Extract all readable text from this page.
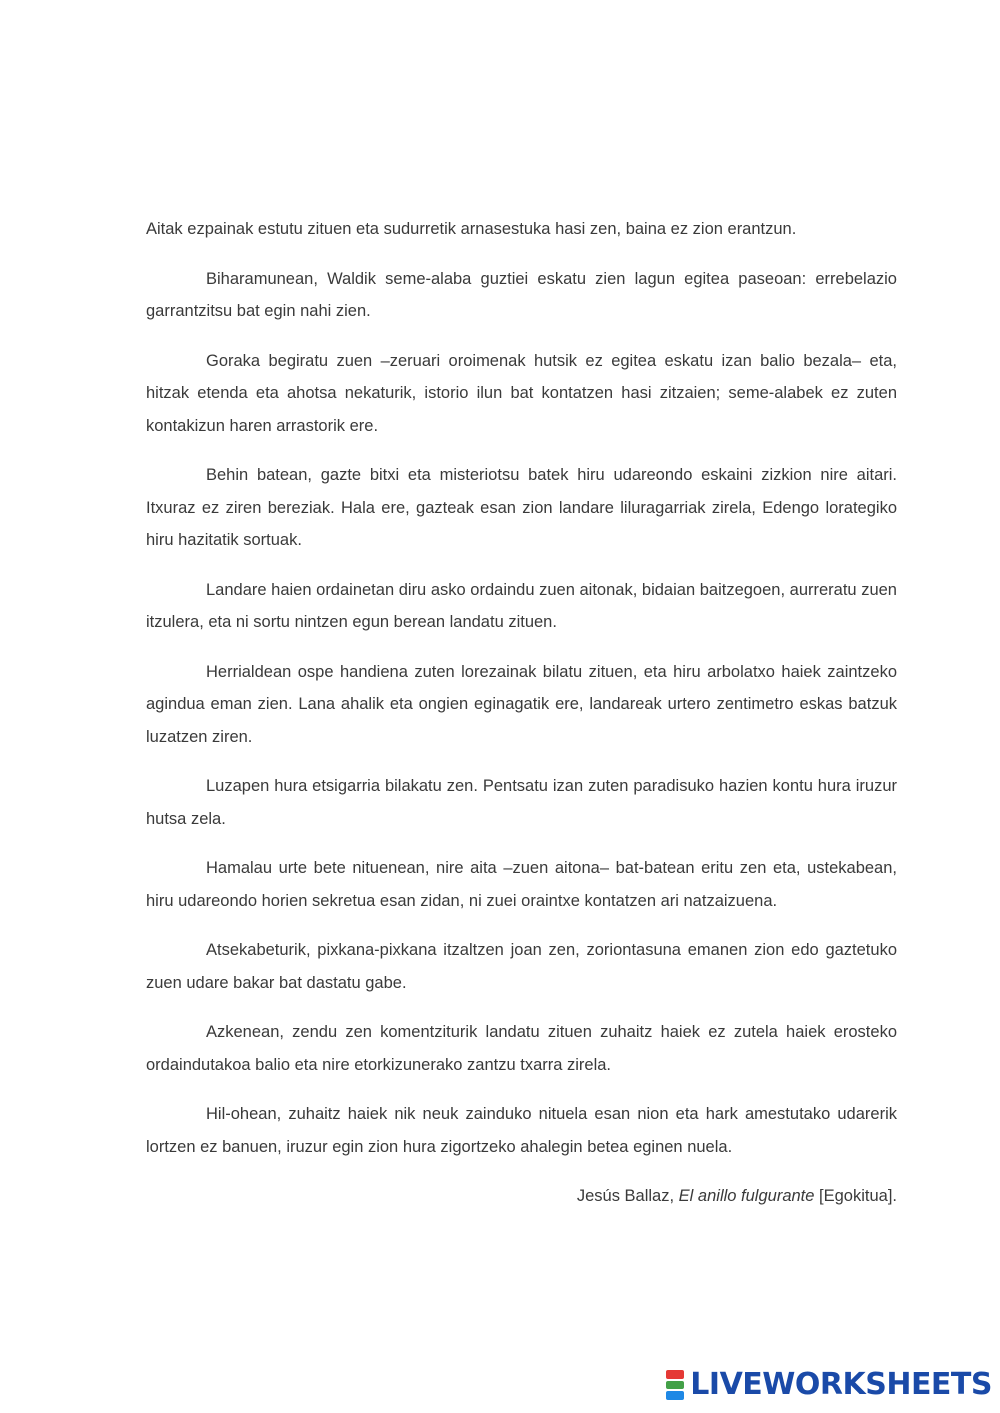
Aitak ezpainak estutu zituen eta sudurretik arnasestuka hasi zen, baina ez zion erantzun.

Biharamunean, Waldik seme-alaba guztiei eskatu zien lagun egitea paseoan: errebelazio garrantzitsu bat egin nahi zien.

Goraka begiratu zuen –zeruari oroimenak hutsik ez egitea eskatu izan balio bezala– eta, hitzak etenda eta ahotsa nekaturik, istorio ilun bat kontatzen hasi zitzaien; seme-alabek ez zuten kontakizun haren arrastorik ere.

Behin batean, gazte bitxi eta misteriotsu batek hiru udareondo eskaini zizkion nire aitari. Itxuraz ez ziren bereziak. Hala ere, gazteak esan zion landare liluragarriak zirela, Edengo lorategiko hiru hazitatik sortuak.

Landare haien ordainetan diru asko ordaindu zuen aitonak, bidaian baitzegoen, aurreratu zuen itzulera, eta ni sortu nintzen egun berean landatu zituen.

Herrialdean ospe handiena zuten lorezainak bilatu zituen, eta hiru arbolatxo haiek zaintzeko agindua eman zien. Lana ahalik eta ongien eginagatik ere, landareak urtero zentimetro eskas batzuk luzatzen ziren.

Luzapen hura etsigarria bilakatu zen. Pentsatu izan zuten paradisuko hazien kontu hura iruzur hutsa zela.

Hamalau urte bete nituenean, nire aita –zuen aitona– bat-batean eritu zen eta, ustekabean, hiru udareondo horien sekretua esan zidan, ni zuei oraintxe kontatzen ari natzaizuena.

Atsekabeturik, pixkana-pixkana itzaltzen joan zen, zoriontasuna emanen zion edo gaztetuko zuen udare bakar bat dastatu gabe.

Azkenean, zendu zen komentziturik landatu zituen zuhaitz haiek ez zutela haiek erosteko ordaindutakoa balio eta nire etorkizunerako zantzu txarra zirela.

Hil-ohean, zuhaitz haiek nik neuk zainduko nituela esan nion eta hark amestutako udarerik lortzen ez banuen, iruzur egin zion hura zigortzeko ahalegin betea eginen nuela.

Jesús Ballaz, El anillo fulgurante [Egokitua].

LIVEWORKSHEETS
